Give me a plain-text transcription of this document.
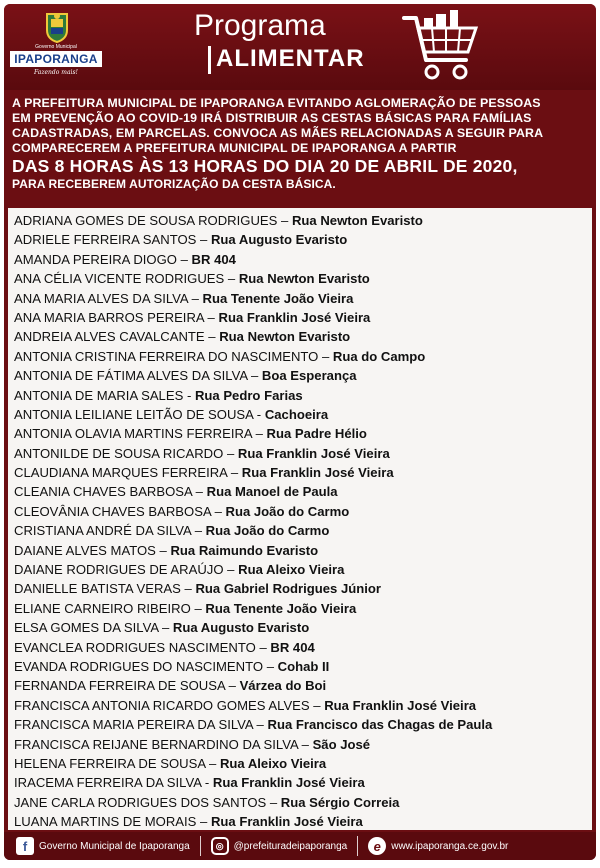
Governo Municipal
IPAPORANGA
Fazendo mais!
Programa
ALIMENTAR

A PREFEITURA MUNICIPAL DE IPAPORANGA EVITANDO AGLOMERAÇÃO DE PESSOAS

EM PREVENÇÃO AO COVID-19 IRÁ DISTRIBUIR AS CESTAS BÁSICAS PARA FAMÍLIAS

CADASTRADAS, EM PARCELAS. CONVOCA AS MÃES RELACIONADAS A SEGUIR PARA

COMPARECEREM A PREFEITURA MUNICIPAL DE IPAPORANGA A PARTIR

DAS 8 HORAS ÀS 13 HORAS DO DIA 20 DE ABRIL DE 2020,

PARA RECEBEREM AUTORIZAÇÃO DA CESTA BÁSICA.

ADRIANA GOMES DE SOUSA RODRIGUES – Rua Newton Evaristo
ADRIELE FERREIRA SANTOS – Rua Augusto Evaristo
AMANDA PEREIRA DIOGO – BR 404
ANA CÉLIA VICENTE RODRIGUES – Rua Newton Evaristo
ANA MARIA ALVES DA SILVA – Rua Tenente João Vieira
ANA MARIA BARROS PEREIRA – Rua Franklin José Vieira
ANDREIA ALVES CAVALCANTE – Rua Newton Evaristo
ANTONIA CRISTINA FERREIRA DO NASCIMENTO – Rua do Campo
ANTONIA DE FÁTIMA ALVES DA SILVA – Boa Esperança
ANTONIA DE MARIA SALES - Rua Pedro Farias
ANTONIA LEILIANE LEITÃO DE SOUSA - Cachoeira
ANTONIA OLAVIA MARTINS FERREIRA – Rua Padre Hélio
ANTONILDE DE SOUSA RICARDO – Rua Franklin José Vieira
CLAUDIANA MARQUES FERREIRA – Rua Franklin José Vieira
CLEANIA CHAVES BARBOSA – Rua Manoel de Paula
CLEOVÂNIA CHAVES BARBOSA – Rua João do Carmo
CRISTIANA ANDRÉ DA SILVA – Rua João do Carmo
DAIANE ALVES MATOS – Rua Raimundo Evaristo
DAIANE RODRIGUES DE ARAÚJO – Rua Aleixo Vieira
DANIELLE BATISTA VERAS – Rua Gabriel Rodrigues Júnior
ELIANE CARNEIRO RIBEIRO – Rua Tenente João Vieira
ELSA GOMES DA SILVA – Rua Augusto Evaristo
EVANCLEA RODRIGUES NASCIMENTO – BR 404
EVANDA RODRIGUES DO NASCIMENTO – Cohab II
FERNANDA FERREIRA DE SOUSA – Várzea do Boi
FRANCISCA ANTONIA RICARDO GOMES ALVES – Rua Franklin José Vieira
FRANCISCA MARIA PEREIRA DA SILVA – Rua Francisco das Chagas de Paula
FRANCISCA REIJANE BERNARDINO DA SILVA – São José
HELENA FERREIRA DE SOUSA – Rua Aleixo Vieira
IRACEMA FERREIRA DA SILVA - Rua Franklin José Vieira
JANE CARLA RODRIGUES DOS SANTOS – Rua Sérgio Correia
LUANA MARTINS DE MORAIS – Rua Franklin José Vieira
f	Governo Municipal de Ipaporanga	◎	@prefeituradeipaporanga	e	www.ipaporanga.ce.gov.br
